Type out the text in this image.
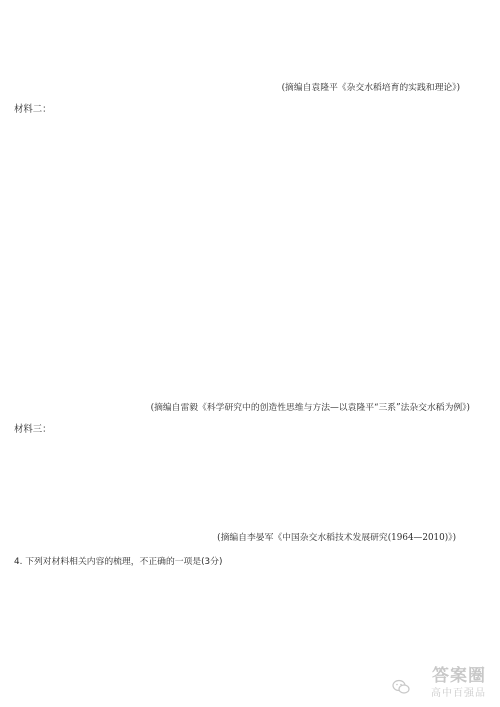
(摘编自袁隆平《杂交水稻培育的实践和理论》)
材料二：
(摘编自雷毅《科学研究中的创造性思维与方法—以袁隆平“三系”法杂交水稻为例》)
材料三：
(摘编自李晏军《中国杂交水稻技术发展研究(1964—2010)》)
4. 下列对材料相关内容的梳理，不正确的一项是(3分)
答案圈
高中百强品
